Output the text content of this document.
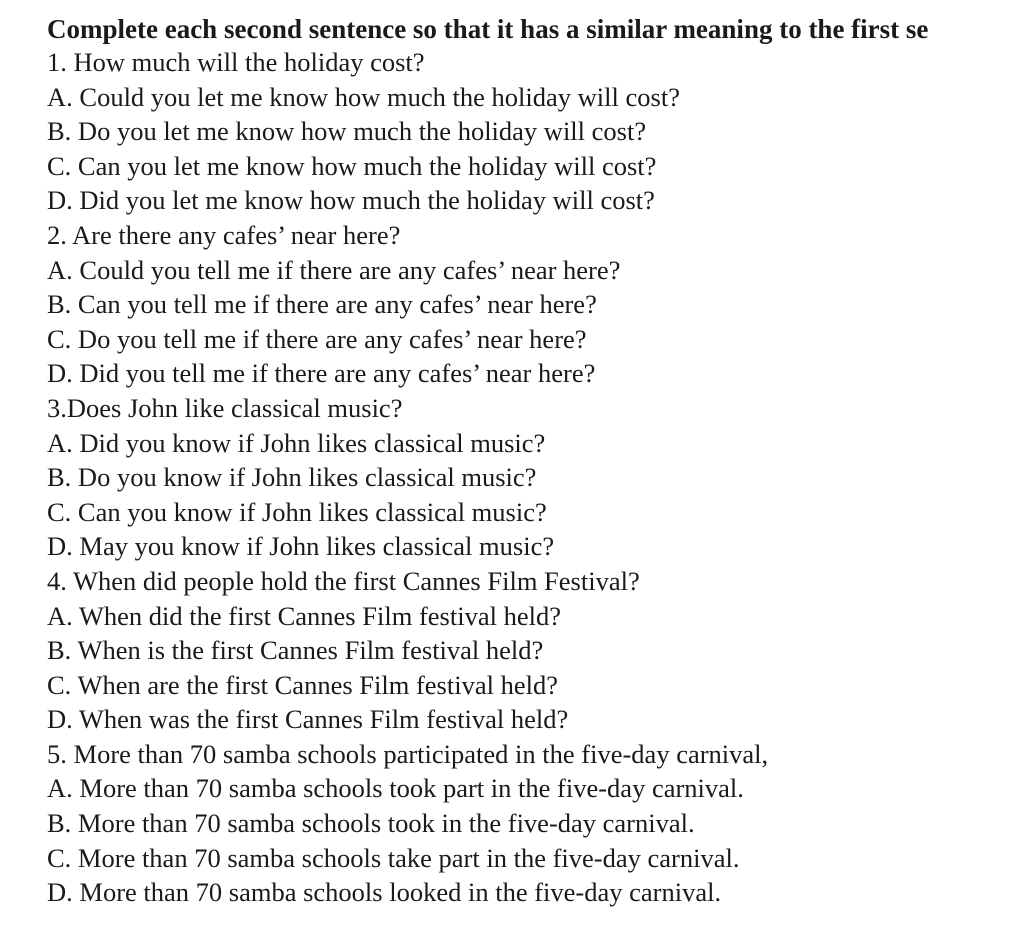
Complete each second sentence so that it has a similar meaning to the first se
1. How much will the holiday cost?
A. Could you let me know how much the holiday will cost?
B. Do you let me know how much the holiday will cost?
C. Can you let me know how much the holiday will cost?
D. Did you let me know how much the holiday will cost?
2. Are there any cafes’ near here?
A. Could you tell me if there are any cafes’ near here?
B. Can you tell me if there are any cafes’ near here?
C. Do you tell me if there are any cafes’ near here?
D. Did you tell me if there are any cafes’ near here?
3.Does John like classical music?
A. Did you know if John likes classical music?
B. Do you know if John likes classical music?
C. Can you know if John likes classical music?
D. May you know if John likes classical music?
4. When did people hold the first Cannes Film Festival?
A. When did the first Cannes Film festival held?
B. When is the first Cannes Film festival held?
C. When are the first Cannes Film festival held?
D. When was the first Cannes Film festival held?
5. More than 70 samba schools participated in the five-day carnival,
A. More than 70 samba schools took part in the five-day carnival.
B. More than 70 samba schools took in the five-day carnival.
C. More than 70 samba schools take part in the five-day carnival.
D. More than 70 samba schools looked in the five-day carnival.
